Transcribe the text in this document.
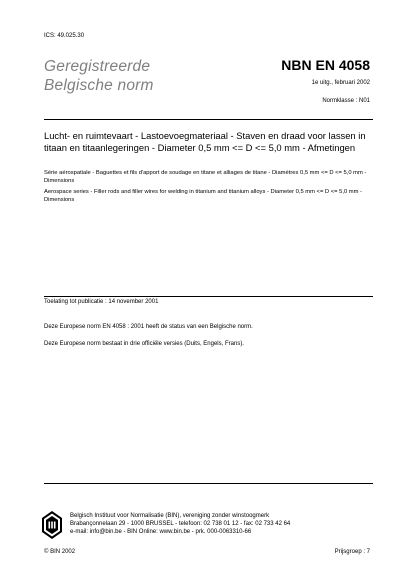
ICS: 49.025.30
Geregistreerde
Belgische norm
NBN EN 4058
1e uitg., februari 2002
Normklasse : N01
Lucht- en ruimtevaart - Lastoevoegmateriaal - Staven en draad voor lassen in titaan en titaanlegeringen - Diameter 0,5 mm <= D <= 5,0 mm - Afmetingen
Série aérospatiale - Baguettes et fils d'apport de soudage en titane et alliages de titane - Diamètres 0,5 mm <= D <= 5,0 mm - Dimensions
Aerospace series - Filler rods and filler wires for welding in titanium and titanium alloys - Diameter 0,5 mm <= D <= 5,0 mm - Dimensions
Toelating tot publicatie : 14 november 2001
Deze Europese norm EN 4058 : 2001 heeft de status van een Belgische norm.
Deze Europese norm bestaat in drie officiële versies (Duits, Engels, Frans).
Belgisch Instituut voor Normalisatie (BIN), vereniging zonder winstoogmerk
Brabançonnelaan 29 - 1000 BRUSSEL - telefoon: 02 738 01 12 - fax: 02 733 42 64
e-mail: info@bin.be - BIN Online: www.bin.be - prk. 000-0063310-66
© BIN 2002	Prijsgroep : 7
